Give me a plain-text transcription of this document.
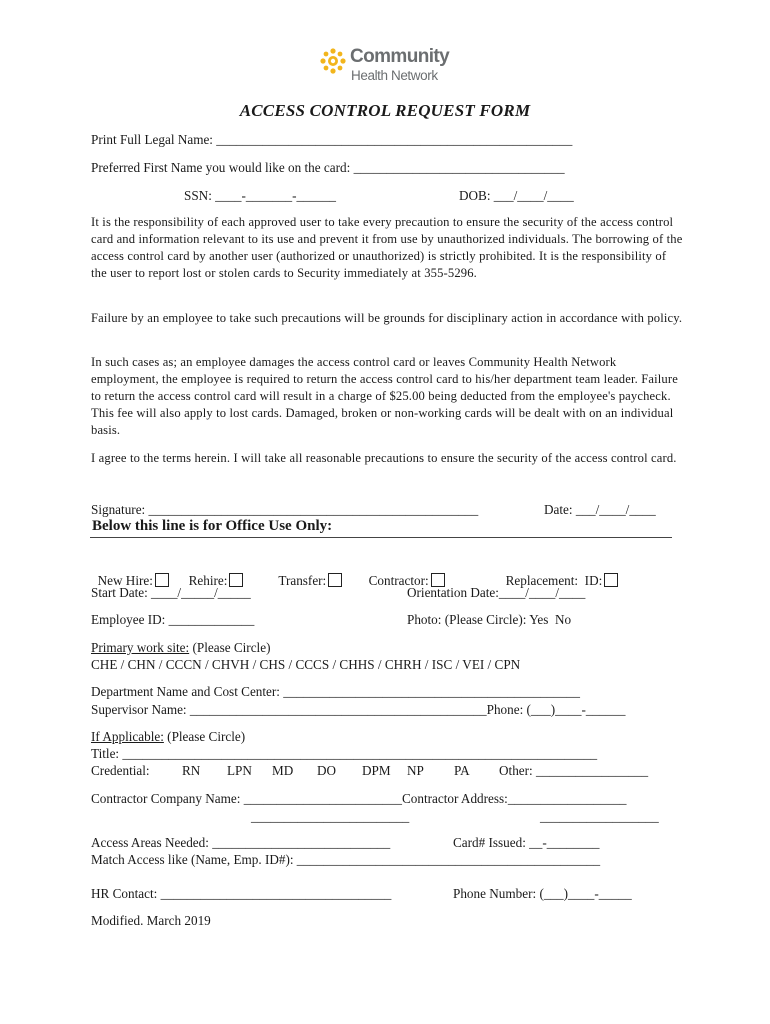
Community
Health Network
ACCESS CONTROL REQUEST FORM
Print Full Legal Name: ______________________________________________________
Preferred First Name you would like on the card: ________________________________
SSN: ____-_______-______	DOB: ___/____/____
It is the responsibility of each approved user to take every precaution to ensure the security of the access control card and information relevant to its use and prevent it from use by unauthorized individuals. The borrowing of the access control card by another user (authorized or unauthorized) is strictly prohibited. It is the responsibility of the user to report lost or stolen cards to Security immediately at 355-5296.
Failure by an employee to take such precautions will be grounds for disciplinary action in accordance with policy.
In such cases as; an employee damages the access control card or leaves Community Health Network employment, the employee is required to return the access control card to his/her department team leader. Failure to return the access control card will result in a charge of $25.00 being deducted from the employee's paycheck. This fee will also apply to lost cards. Damaged, broken or non-working cards will be dealt with on an individual basis.
I agree to the terms herein. I will take all reasonable precautions to ensure the security of the access control card.
Signature: __________________________________________________	Date: ___/____/____
Below this line is for Office Use Only:

New Hire:	Rehire:	Transfer:	Contractor:	Replacement:  ID:

Start Date: ____/_____/_____	Orientation Date:____/____/____
Employee ID: _____________	Photo: (Please Circle): Yes  No
Primary work site: (Please Circle)
CHE / CHN / CCCN / CHVH / CHS / CCCS / CHHS / CHRH / ISC / VEI / CPN
Department Name and Cost Center: _____________________________________________
Supervisor Name: _____________________________________________Phone: (___)____-______
If Applicable: (Please Circle)
Title: ________________________________________________________________________
Credential: RN LPN MD DO DPM NP PA Other: _________________
Contractor Company Name: ________________________Contractor Address:__________________
________________________	__________________
Access Areas Needed: ___________________________	Card# Issued: __-________
Match Access like (Name, Emp. ID#): ______________________________________________
HR Contact: ___________________________________	Phone Number: (___)____-_____
Modified. March 2019
